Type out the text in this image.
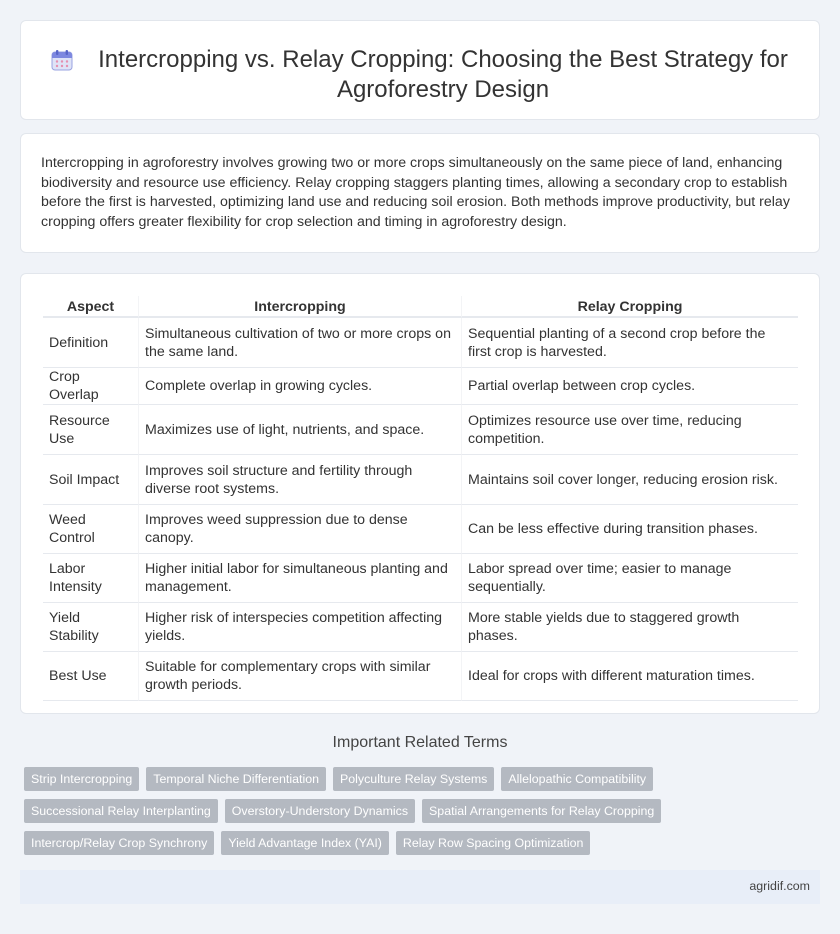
Intercropping vs. Relay Cropping: Choosing the Best Strategy for Agroforestry Design

Intercropping in agroforestry involves growing two or more crops simultaneously on the same piece of land, enhancing biodiversity and resource use efficiency. Relay cropping staggers planting times, allowing a secondary crop to establish before the first is harvested, optimizing land use and reducing soil erosion. Both methods improve productivity, but relay cropping offers greater flexibility for crop selection and timing in agroforestry design.

Aspect	Intercropping	Relay Cropping
Definition	Simultaneous cultivation of two or more crops on the same land.	Sequential planting of a second crop before the first crop is harvested.
Crop Overlap	Complete overlap in growing cycles.	Partial overlap between crop cycles.
Resource Use	Maximizes use of light, nutrients, and space.	Optimizes resource use over time, reducing competition.
Soil Impact	Improves soil structure and fertility through diverse root systems.	Maintains soil cover longer, reducing erosion risk.
Weed Control	Improves weed suppression due to dense canopy.	Can be less effective during transition phases.
Labor Intensity	Higher initial labor for simultaneous planting and management.	Labor spread over time; easier to manage sequentially.
Yield Stability	Higher risk of interspecies competition affecting yields.	More stable yields due to staggered growth phases.
Best Use	Suitable for complementary crops with similar growth periods.	Ideal for crops with different maturation times.
Important Related Terms
Strip Intercropping	Temporal Niche Differentiation	Polyculture Relay Systems	Allelopathic Compatibility
Successional Relay Interplanting	Overstory-Understory Dynamics	Spatial Arrangements for Relay Cropping
Intercrop/Relay Crop Synchrony	Yield Advantage Index (YAI)	Relay Row Spacing Optimization
agridif.com
